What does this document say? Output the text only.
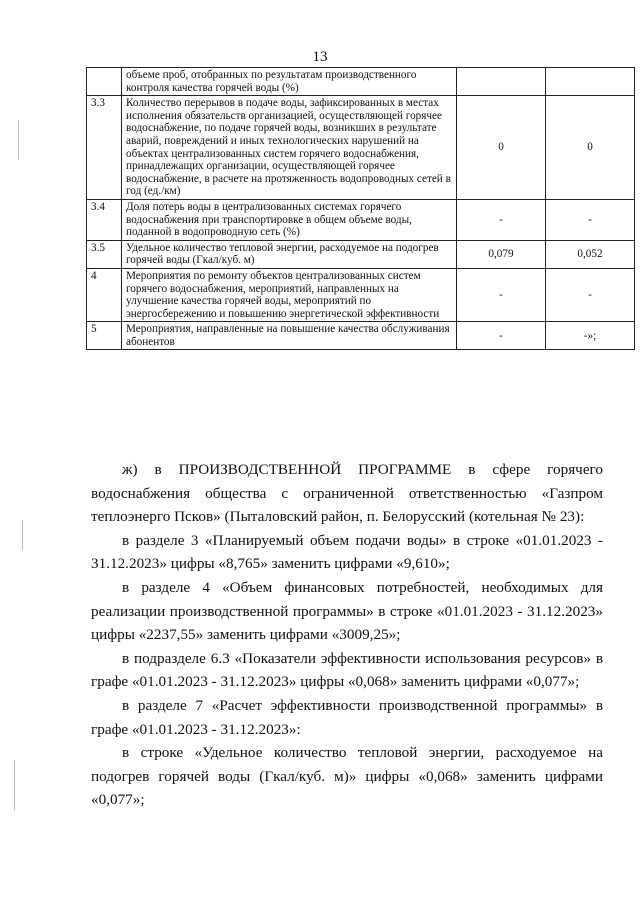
13
	объеме проб, отобранных по результатам производственного контроля качества горячей воды (%)		
3.3	Количество перерывов в подаче воды, зафиксированных в местах исполнения обязательств организацией, осуществляющей горячее водоснабжение, по подаче горячей воды, возникших в результате аварий, повреждений и иных технологических нарушений на объектах централизованных систем горячего водоснабжения, принадлежащих организации, осуществляющей горячее водоснабжение, в расчете на протяженность водопроводных сетей в год (ед./км)	0	0
3.4	Доля потерь воды в централизованных системах горячего водоснабжения при транспортировке в общем объеме воды, поданной в водопроводную сеть (%)	-	-
3.5	Удельное количество тепловой энергии, расходуемое на подогрев горячей воды (Гкал/куб. м)	0,079	0,052
4	Мероприятия по ремонту объектов централизованных систем горячего водоснабжения, мероприятий, направленных на улучшение качества горячей воды, мероприятий по энергосбережению и повышению энергетической эффективности	-	-
5	Мероприятия, направленные на повышение качества обслуживания абонентов	-	-»;

ж) в ПРОИЗВОДСТВЕННОЙ ПРОГРАММЕ в сфере горячего водоснабжения общества с ограниченной ответственностью «Газпром теплоэнерго Псков» (Пыталовский район, п. Белорусский (котельная № 23):

в разделе 3 «Планируемый объем подачи воды» в строке «01.01.2023 - 31.12.2023» цифры «8,765» заменить цифрами «9,610»;

в разделе 4 «Объем финансовых потребностей, необходимых для реализации производственной программы» в строке «01.01.2023 - 31.12.2023» цифры «2237,55» заменить цифрами «3009,25»;

в подразделе 6.3 «Показатели эффективности использования ресурсов» в графе «01.01.2023 - 31.12.2023» цифры «0,068» заменить цифрами «0,077»;

в разделе 7 «Расчет эффективности производственной программы» в графе «01.01.2023 - 31.12.2023»:

в строке «Удельное количество тепловой энергии, расходуемое на подогрев горячей воды (Гкал/куб. м)» цифры «0,068» заменить цифрами «0,077»;
